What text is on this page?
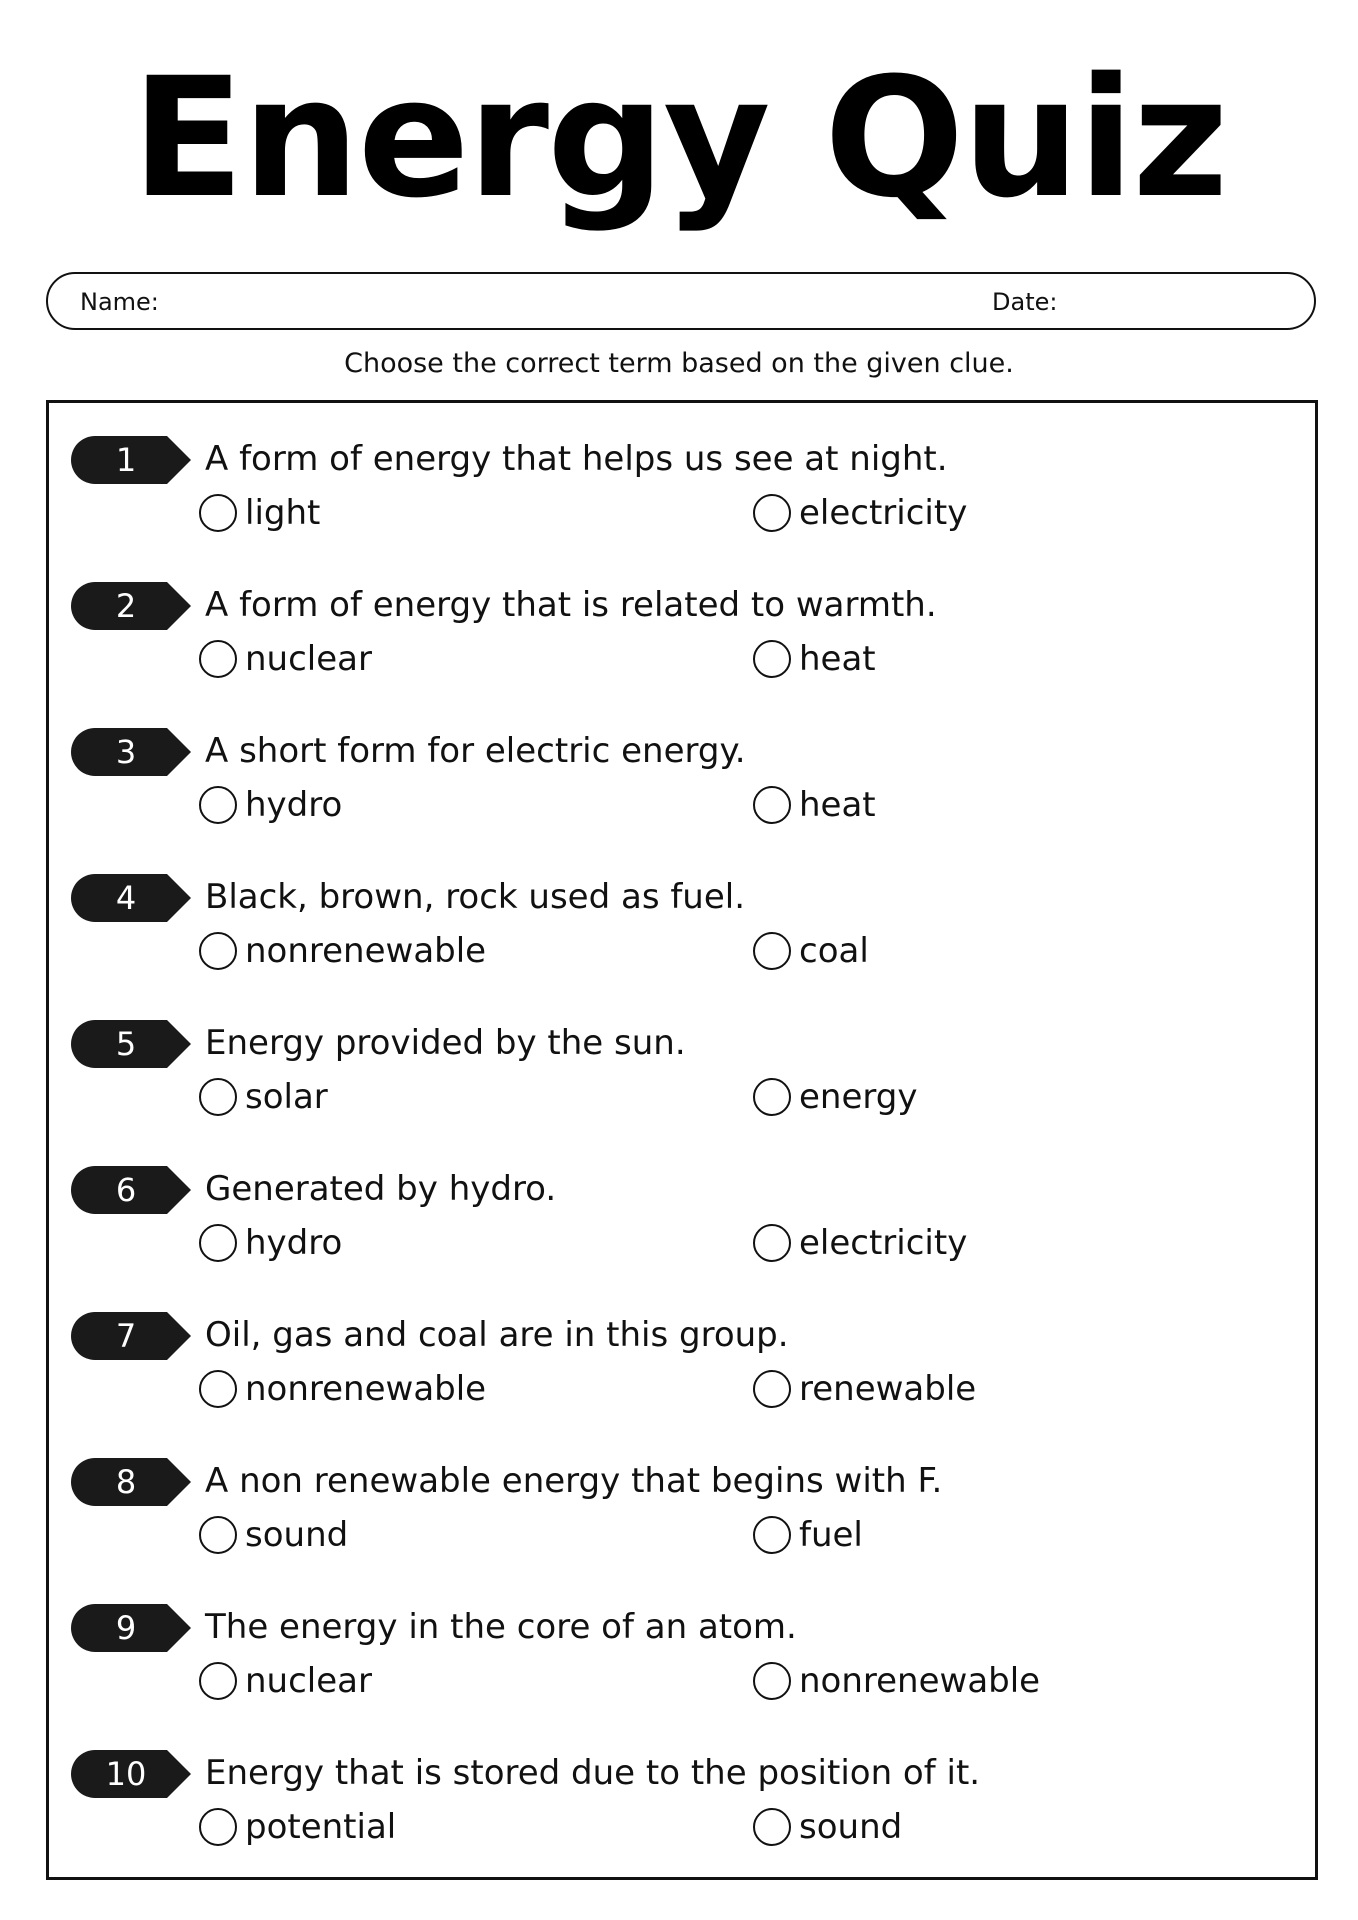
Energy Quiz
Name:	Date:
Choose the correct term based on the given clue.
1	A form of energy that helps us see at night.
light	electricity
2	A form of energy that is related to warmth.
nuclear	heat
3	A short form for electric energy.
hydro	heat
4	Black, brown, rock used as fuel.
nonrenewable	coal
5	Energy provided by the sun.
solar	energy
6	Generated by hydro.
hydro	electricity
7	Oil, gas and coal are in this group.
nonrenewable	renewable
8	A non renewable energy that begins with F.
sound	fuel
9	The energy in the core of an atom.
nuclear	nonrenewable
10	Energy that is stored due to the position of it.
potential	sound
